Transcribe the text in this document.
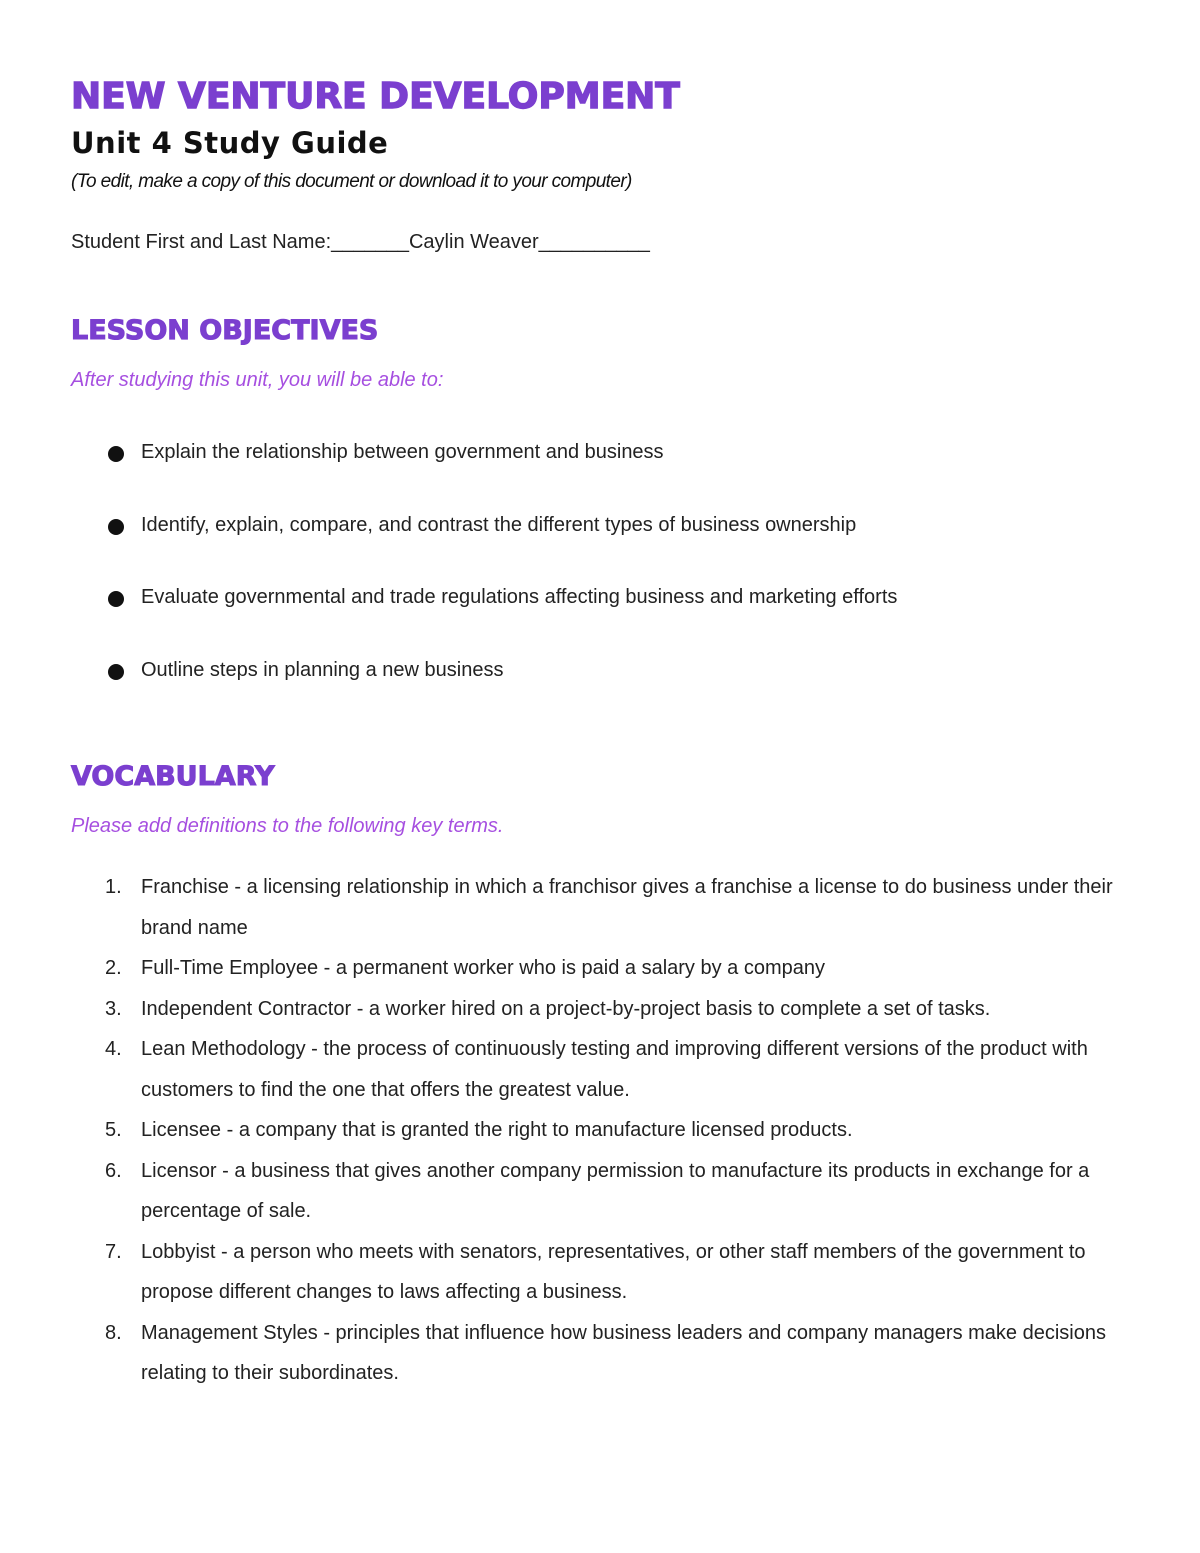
NEW VENTURE DEVELOPMENT
Unit 4 Study Guide

(To edit, make a copy of this document or download it to your computer)

Student First and Last Name:_______Caylin Weaver__________

LESSON OBJECTIVES

After studying this unit, you will be able to:

Explain the relationship between government and business
Identify, explain, compare, and contrast the different types of business ownership
Evaluate governmental and trade regulations affecting business and marketing efforts
Outline steps in planning a new business
VOCABULARY

Please add definitions to the following key terms.

1. Franchise - a licensing relationship in which a franchisor gives a franchise a license to do business under their brand name
2. Full-Time Employee - a permanent worker who is paid a salary by a company
3. Independent Contractor - a worker hired on a project-by-project basis to complete a set of tasks.
4. Lean Methodology - the process of continuously testing and improving different versions of the product with customers to find the one that offers the greatest value.
5. Licensee - a company that is granted the right to manufacture licensed products.
6. Licensor - a business that gives another company permission to manufacture its products in exchange for a percentage of sale.
7. Lobbyist - a person who meets with senators, representatives, or other staff members of the government to propose different changes to laws affecting a business.
8. Management Styles - principles that influence how business leaders and company managers make decisions relating to their subordinates.
